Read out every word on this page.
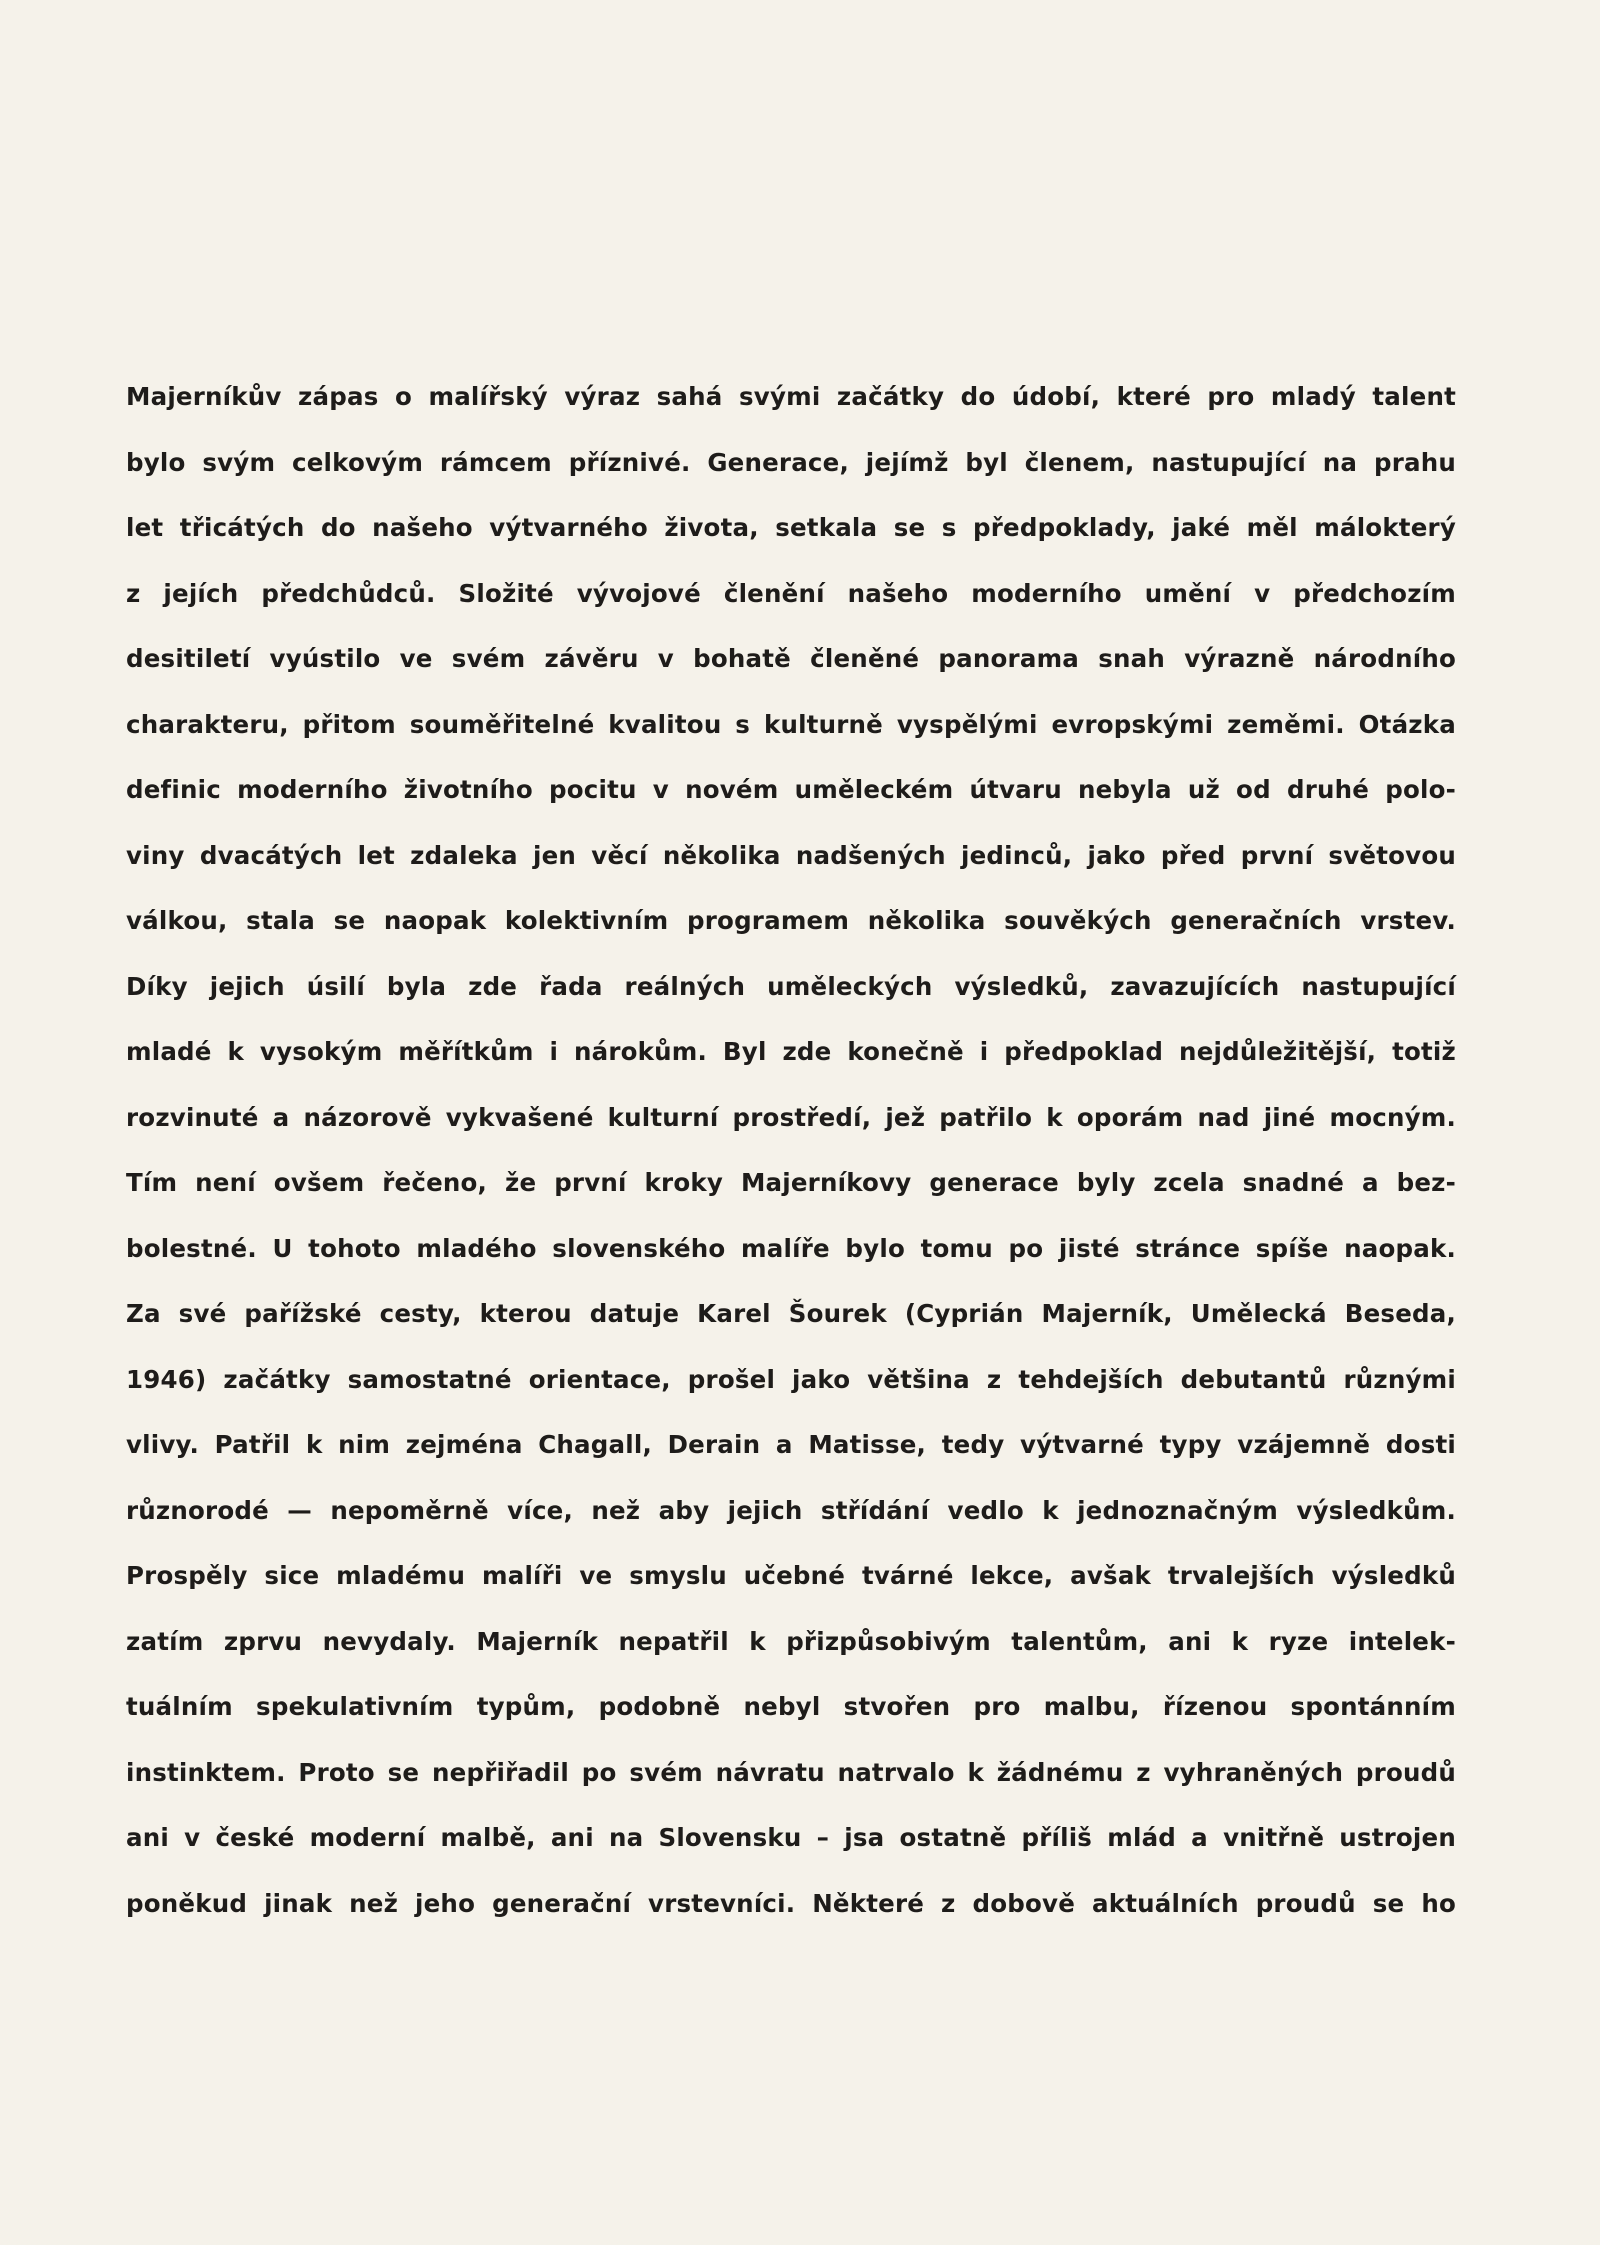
Majerníkův zápas o malířský výraz sahá svými začátky do údobí, které pro mladý talent
bylo svým celkovým rámcem příznivé. Generace, jejímž byl členem, nastupující na prahu
let třicátých do našeho výtvarného života, setkala se s předpoklady, jaké měl málokterý
z jejích předchůdců. Složité vývojové členění našeho moderního umění v předchozím
desitiletí vyústilo ve svém závěru v bohatě členěné panorama snah výrazně národního
charakteru, přitom souměřitelné kvalitou s kulturně vyspělými evropskými zeměmi. Otázka
definic moderního životního pocitu v novém uměleckém útvaru nebyla už od druhé polo-
viny dvacátých let zdaleka jen věcí několika nadšených jedinců, jako před první světovou
válkou, stala se naopak kolektivním programem několika souvěkých generačních vrstev.
Díky jejich úsilí byla zde řada reálných uměleckých výsledků, zavazujících nastupující
mladé k vysokým měřítkům i nárokům. Byl zde konečně i předpoklad nejdůležitější, totiž
rozvinuté a názorově vykvašené kulturní prostředí, jež patřilo k oporám nad jiné mocným.
Tím není ovšem řečeno, že první kroky Majerníkovy generace byly zcela snadné a bez-
bolestné. U tohoto mladého slovenského malíře bylo tomu po jisté stránce spíše naopak.
Za své pařížské cesty, kterou datuje Karel Šourek (Cyprián Majerník, Umělecká Beseda,
1946) začátky samostatné orientace, prošel jako většina z tehdejších debutantů různými
vlivy. Patřil k nim zejména Chagall, Derain a Matisse, tedy výtvarné typy vzájemně dosti
různorodé — nepoměrně více, než aby jejich střídání vedlo k jednoznačným výsledkům.
Prospěly sice mladému malíři ve smyslu učebné tvárné lekce, avšak trvalejších výsledků
zatím zprvu nevydaly. Majerník nepatřil k přizpůsobivým talentům, ani k ryze intelek-
tuálním spekulativním typům, podobně nebyl stvořen pro malbu, řízenou spontánním
instinktem. Proto se nepřiřadil po svém návratu natrvalo k žádnému z vyhraněných proudů
ani v české moderní malbě, ani na Slovensku – jsa ostatně příliš mlád a vnitřně ustrojen
poněkud jinak než jeho generační vrstevníci. Některé z dobově aktuálních proudů se ho
